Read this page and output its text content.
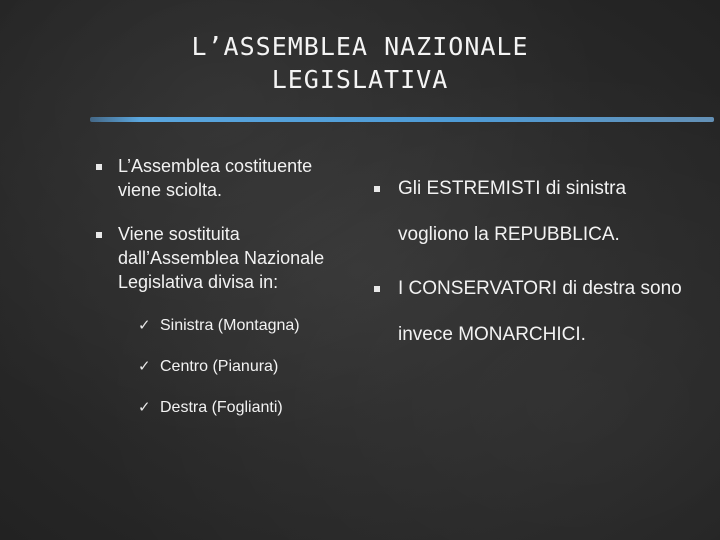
L’ASSEMBLEA NAZIONALE
LEGISLATIVA
L’Assemblea costituente viene sciolta.
Viene sostituita dall’Assemblea Nazionale Legislativa divisa in:
✓ Sinistra (Montagna)
✓ Centro (Pianura)
✓ Destra (Foglianti)
Gli ESTREMISTI di sinistra vogliono la REPUBBLICA.
I CONSERVATORI di destra sono invece MONARCHICI.
